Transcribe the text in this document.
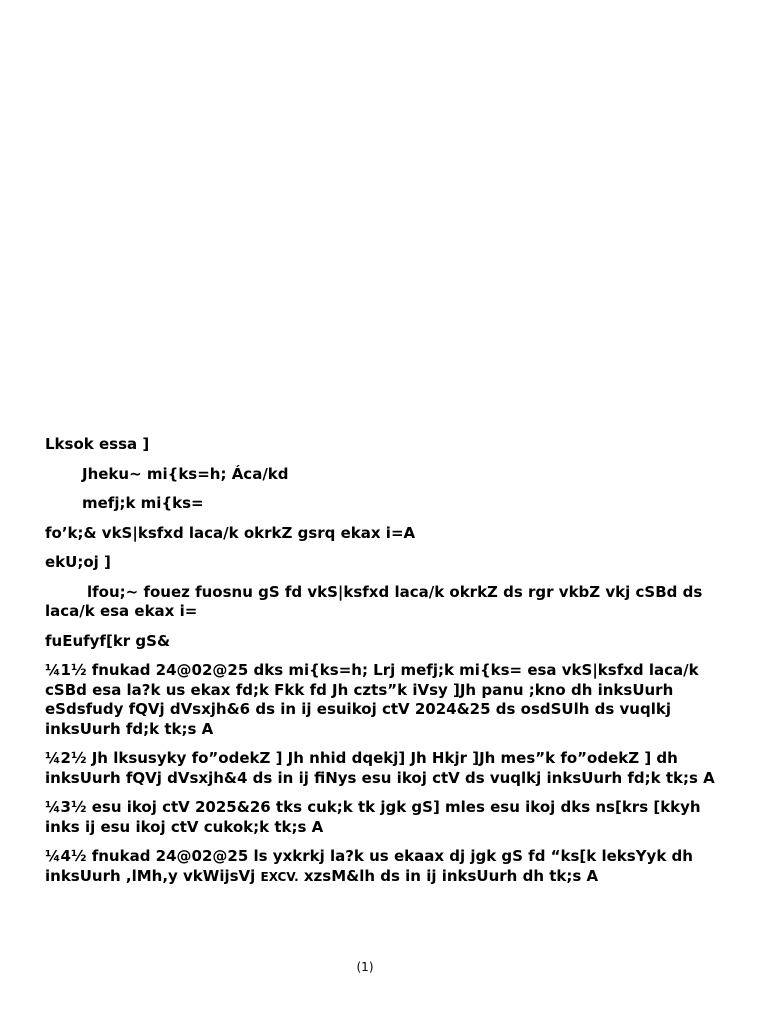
Lksok essa ]

Jheku~ mi{ks=h; Áca/kd

mefj;k mi{ks=

fo’k;& vkS|ksfxd laca/k okrkZ gsrq ekax i=A

ekU;oj ]

lfou;~ fouez fuosnu gS fd vkS|ksfxd laca/k okrkZ ds rgr vkbZ vkj cSBd ds laca/k esa ekax i=

fuEufyf[kr gS&

¼1½ fnukad 24@02@25 dks mi{ks=h; Lrj mefj;k mi{ks= esa vkS|ksfxd laca/k cSBd esa la?k us ekax fd;k Fkk fd Jh czts”k iVsy ]Jh panu ;kno dh inksUurh eSdsfudy fQVj dVsxjh&6 ds in ij esuikoj ctV 2024&25 ds osdSUlh ds vuqlkj inksUurh fd;k tk;s A

¼2½ Jh lksusyky fo”odekZ ] Jh nhid dqekj] Jh Hkjr ]Jh mes”k fo”odekZ ] dh inksUurh fQVj dVsxjh&4 ds in ij fiNys esu ikoj ctV ds vuqlkj inksUurh fd;k tk;s A

¼3½ esu ikoj ctV 2025&26 tks cuk;k tk jgk gS] mles esu ikoj dks ns[krs [kkyh inks ij esu ikoj ctV cukok;k tk;s A

¼4½ fnukad 24@02@25 ls yxkrkj la?k us ekaax dj jgk gS fd “ks[k leksYyk dh inksUurh ,lMh,y vkWijsVj EXCV. xzsM&lh ds in ij inksUurh dh tk;s A

(1)
